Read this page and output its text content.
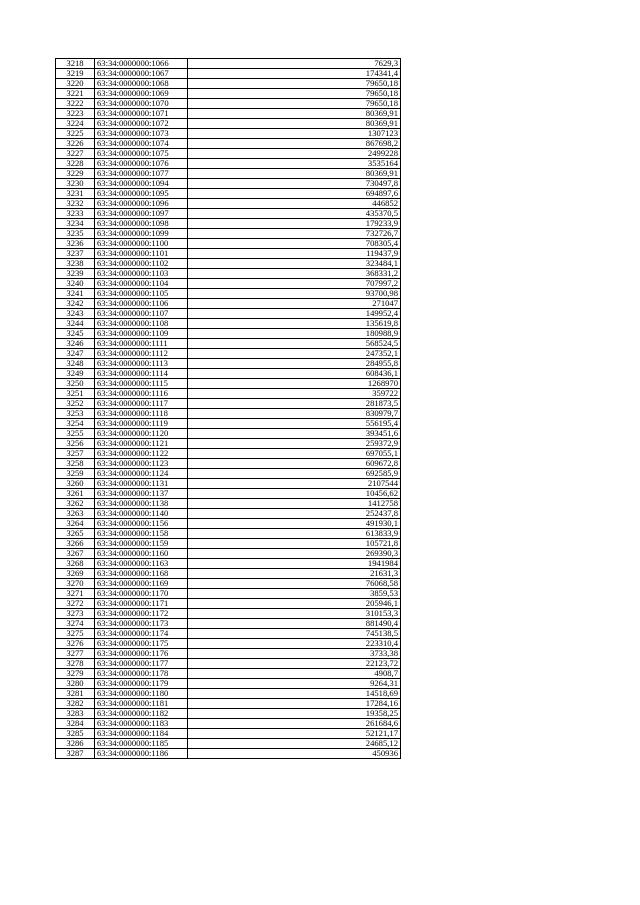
3218	63:34:0000000:1066	7629,3
3219	63:34:0000000:1067	174341,4
3220	63:34:0000000:1068	79650,18
3221	63:34:0000000:1069	79650,18
3222	63:34:0000000:1070	79650,18
3223	63:34:0000000:1071	80369,91
3224	63:34:0000000:1072	80369,91
3225	63:34:0000000:1073	1307123
3226	63:34:0000000:1074	867698,2
3227	63:34:0000000:1075	2499228
3228	63:34:0000000:1076	3535164
3229	63:34:0000000:1077	80369,91
3230	63:34:0000000:1094	730497,8
3231	63:34:0000000:1095	694897,6
3232	63:34:0000000:1096	446852
3233	63:34:0000000:1097	435370,5
3234	63:34:0000000:1098	179233,9
3235	63:34:0000000:1099	732726,7
3236	63:34:0000000:1100	708305,4
3237	63:34:0000000:1101	119437,9
3238	63:34:0000000:1102	323484,1
3239	63:34:0000000:1103	368331,2
3240	63:34:0000000:1104	707997,2
3241	63:34:0000000:1105	93700,98
3242	63:34:0000000:1106	271047
3243	63:34:0000000:1107	149952,4
3244	63:34:0000000:1108	135619,8
3245	63:34:0000000:1109	180988,9
3246	63:34:0000000:1111	568524,5
3247	63:34:0000000:1112	247352,1
3248	63:34:0000000:1113	284955,8
3249	63:34:0000000:1114	608436,1
3250	63:34:0000000:1115	1268970
3251	63:34:0000000:1116	359722
3252	63:34:0000000:1117	281873,5
3253	63:34:0000000:1118	830979,7
3254	63:34:0000000:1119	556195,4
3255	63:34:0000000:1120	393451,6
3256	63:34:0000000:1121	259372,9
3257	63:34:0000000:1122	697055,1
3258	63:34:0000000:1123	609672,8
3259	63:34:0000000:1124	692585,9
3260	63:34:0000000:1131	2107544
3261	63:34:0000000:1137	10456,62
3262	63:34:0000000:1138	1412758
3263	63:34:0000000:1140	252437,8
3264	63:34:0000000:1156	491930,1
3265	63:34:0000000:1158	613833,9
3266	63:34:0000000:1159	105721,8
3267	63:34:0000000:1160	269390,3
3268	63:34:0000000:1163	1941984
3269	63:34:0000000:1168	21631,3
3270	63:34:0000000:1169	76068,58
3271	63:34:0000000:1170	3859,53
3272	63:34:0000000:1171	205946,1
3273	63:34:0000000:1172	310153,3
3274	63:34:0000000:1173	881490,4
3275	63:34:0000000:1174	745138,5
3276	63:34:0000000:1175	223310,4
3277	63:34:0000000:1176	3733,38
3278	63:34:0000000:1177	22123,72
3279	63:34:0000000:1178	4908,7
3280	63:34:0000000:1179	9264,31
3281	63:34:0000000:1180	14518,69
3282	63:34:0000000:1181	17284,16
3283	63:34:0000000:1182	19358,25
3284	63:34:0000000:1183	261684,6
3285	63:34:0000000:1184	52121,17
3286	63:34:0000000:1185	24685,12
3287	63:34:0000000:1186	450936
